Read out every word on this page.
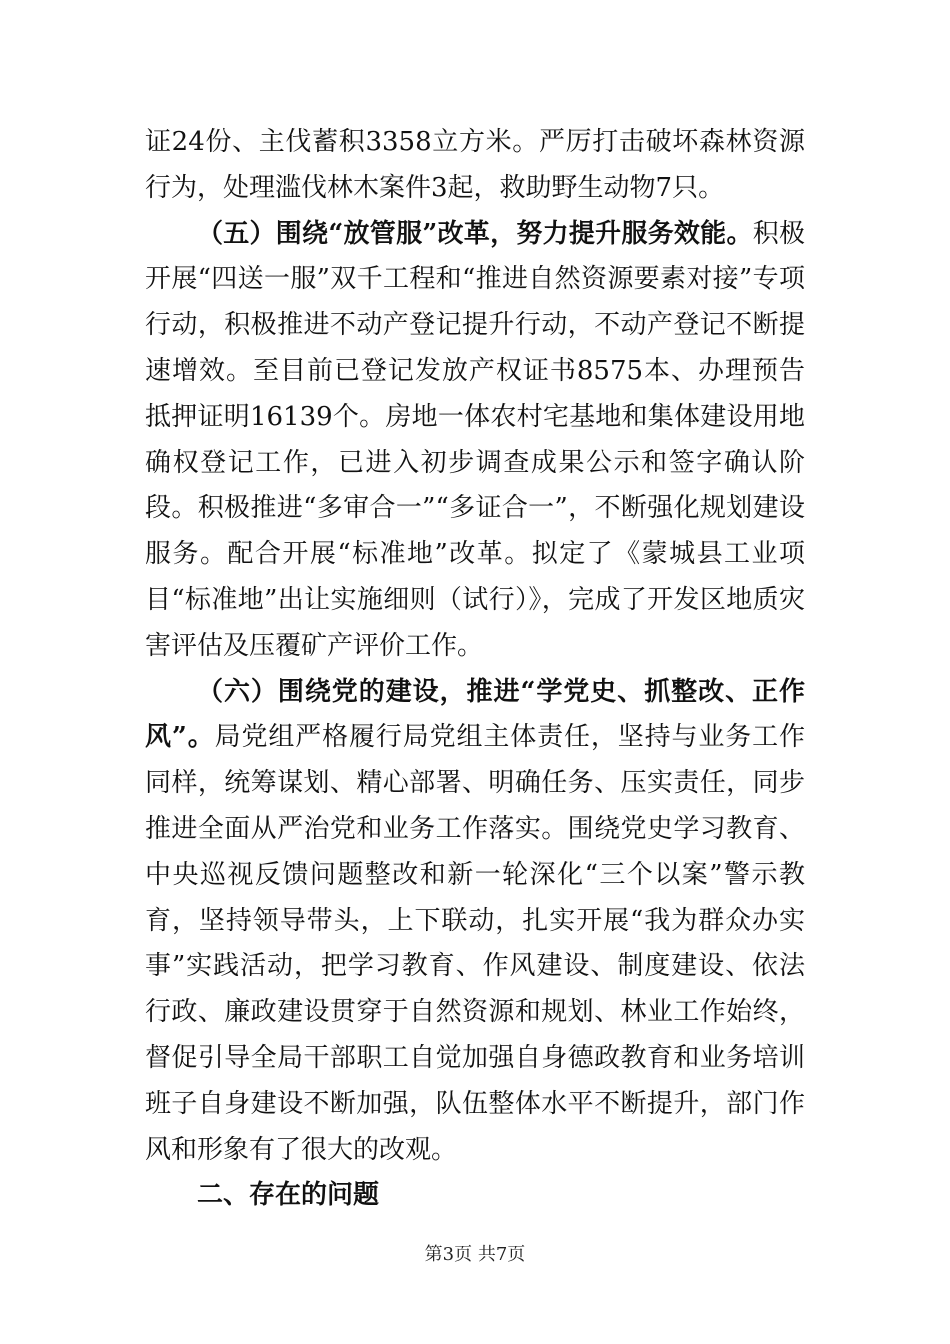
证24份、主伐蓄积3358立方米。严厉打击破坏森林资源行为，处理滥伐林木案件3起，救助野生动物7只。

（五）围绕“放管服”改革，努力提升服务效能。积极开展“四送一服”双千工程和“推进自然资源要素对接”专项行动，积极推进不动产登记提升行动，不动产登记不断提速增效。至目前已登记发放产权证书8575本、办理预告抵押证明16139个。房地一体农村宅基地和集体建设用地确权登记工作，已进入初步调查成果公示和签字确认阶段。积极推进“多审合一”“多证合一”，不断强化规划建设服务。配合开展“标准地”改革。拟定了《蒙城县工业项目“标准地”出让实施细则（试行）》，完成了开发区地质灾害评估及压覆矿产评价工作。

（六）围绕党的建设，推进“学党史、抓整改、正作风”。局党组严格履行局党组主体责任，坚持与业务工作同样，统筹谋划、精心部署、明确任务、压实责任，同步推进全面从严治党和业务工作落实。围绕党史学习教育、中央巡视反馈问题整改和新一轮深化“三个以案”警示教育，坚持领导带头，上下联动，扎实开展“我为群众办实事”实践活动，把学习教育、作风建设、制度建设、依法行政、廉政建设贯穿于自然资源和规划、林业工作始终，督促引导全局干部职工自觉加强自身德政教育和业务培训班子自身建设不断加强，队伍整体水平不断提升，部门作风和形象有了很大的改观。

二、存在的问题

第3页 共7页
